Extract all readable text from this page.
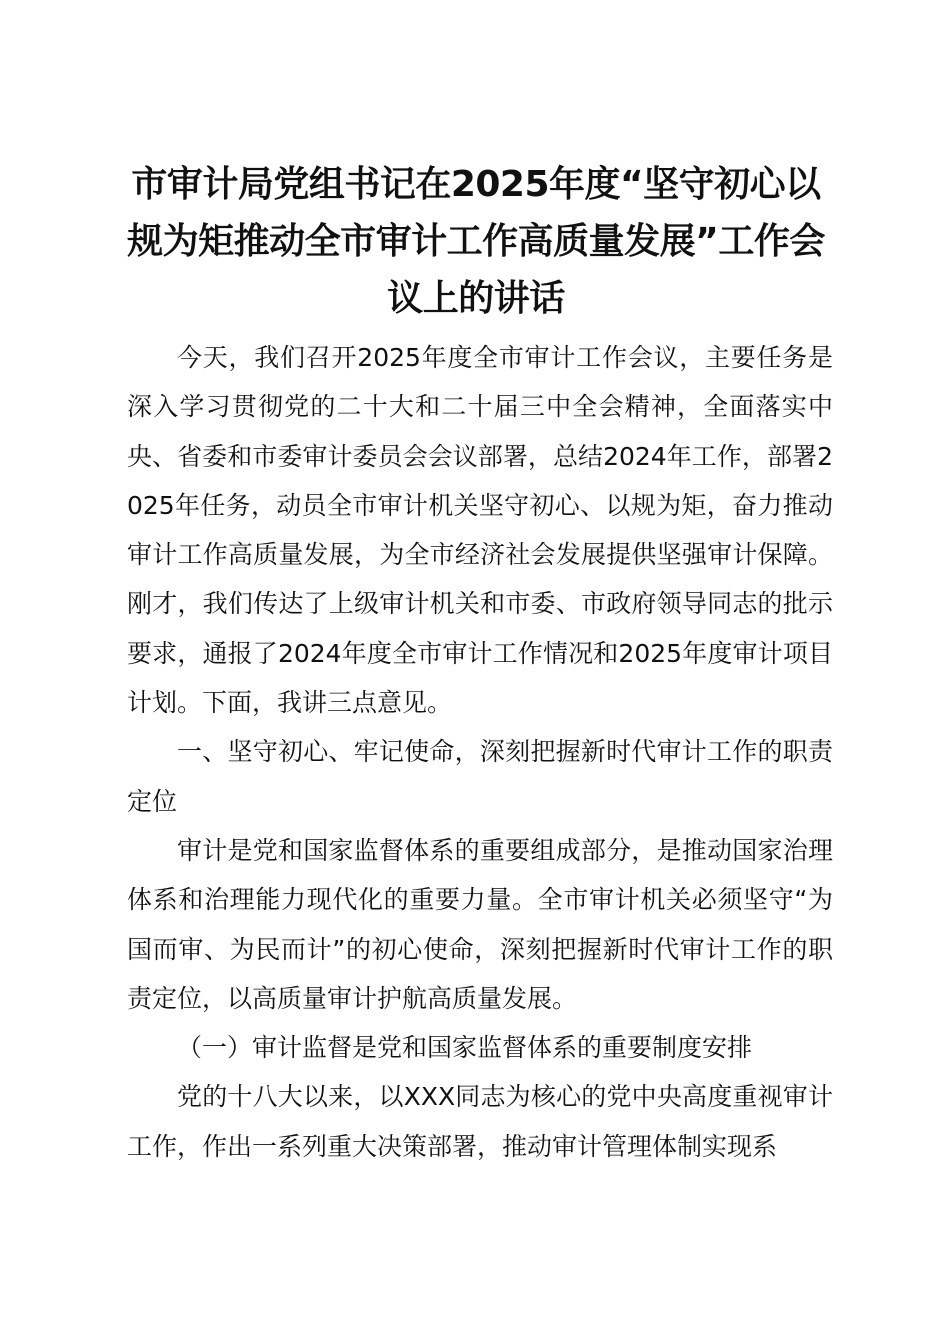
市审计局党组书记在2025年度“坚守初心以规为矩推动全市审计工作高质量发展”工作会议上的讲话

今天，我们召开2025年度全市审计工作会议，主要任务是深入学习贯彻党的二十大和二十届三中全会精神，全面落实中央、省委和市委审计委员会会议部署，总结2024年工作，部署2025年任务，动员全市审计机关坚守初心、以规为矩，奋力推动审计工作高质量发展，为全市经济社会发展提供坚强审计保障。刚才，我们传达了上级审计机关和市委、市政府领导同志的批示要求，通报了2024年度全市审计工作情况和2025年度审计项目计划。下面，我讲三点意见。

一、坚守初心、牢记使命，深刻把握新时代审计工作的职责定位

审计是党和国家监督体系的重要组成部分，是推动国家治理体系和治理能力现代化的重要力量。全市审计机关必须坚守“为国而审、为民而计”的初心使命，深刻把握新时代审计工作的职责定位，以高质量审计护航高质量发展。

（一）审计监督是党和国家监督体系的重要制度安排

党的十八大以来，以XXX同志为核心的党中央高度重视审计工作，作出一系列重大决策部署，推动审计管理体制实现系
